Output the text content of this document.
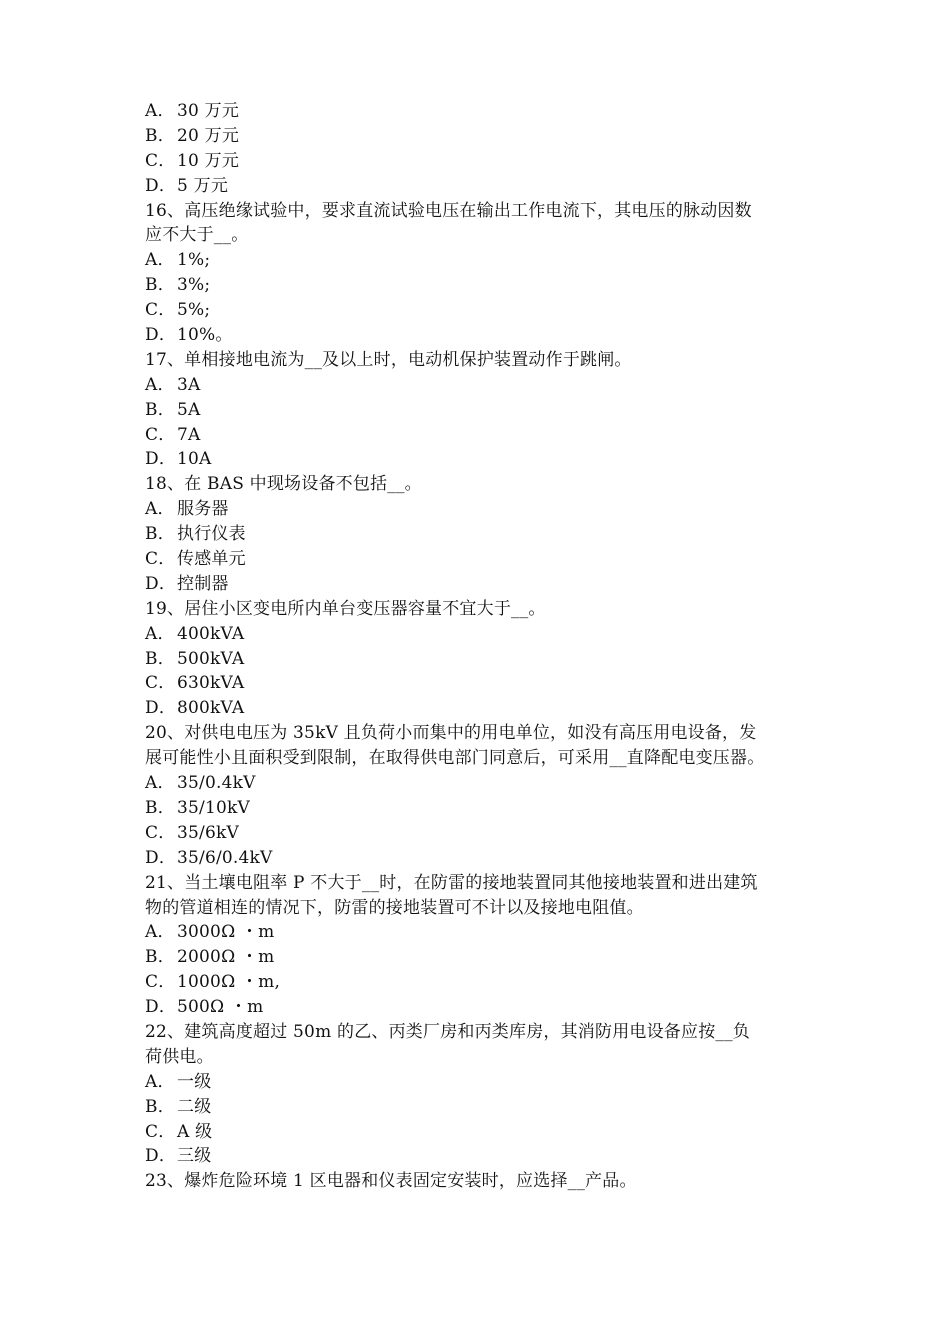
A． 30 万元
B． 20 万元
C．10 万元
D．5 万元
16、高压绝缘试验中，要求直流试验电压在输出工作电流下，其电压的脉动因数
应不大于__。
A． 1%;
B． 3%;
C．5%;
D．10%。
17、单相接地电流为__及以上时，电动机保护装置动作于跳闸。
A． 3A
B． 5A
C．7A
D．10A
18、在 BAS 中现场设备不包括__。
A． 服务器
B． 执行仪表
C．传感单元
D．控制器
19、居住小区变电所内单台变压器容量不宜大于__。
A． 400kVA
B． 500kVA
C．630kVA
D．800kVA
20、对供电电压为 35kV 且负荷小而集中的用电单位，如没有高压用电设备，发
展可能性小且面积受到限制，在取得供电部门同意后，可采用__直降配电变压器。
A． 35/0.4kV
B． 35/10kV
C．35/6kV
D．35/6/0.4kV
21、当土壤电阻率 P 不大于__时，在防雷的接地装置同其他接地装置和进出建筑
物的管道相连的情况下，防雷的接地装置可不计以及接地电阻值。
A． 3000Ω ・m
B． 2000Ω ・m
C．1000Ω ・m,
D．500Ω ・m
22、建筑高度超过 50m 的乙、丙类厂房和丙类库房，其消防用电设备应按__负
荷供电。
A． 一级
B． 二级
C．A 级
D．三级
23、爆炸危险环境 1 区电器和仪表固定安装时，应选择__产品。
